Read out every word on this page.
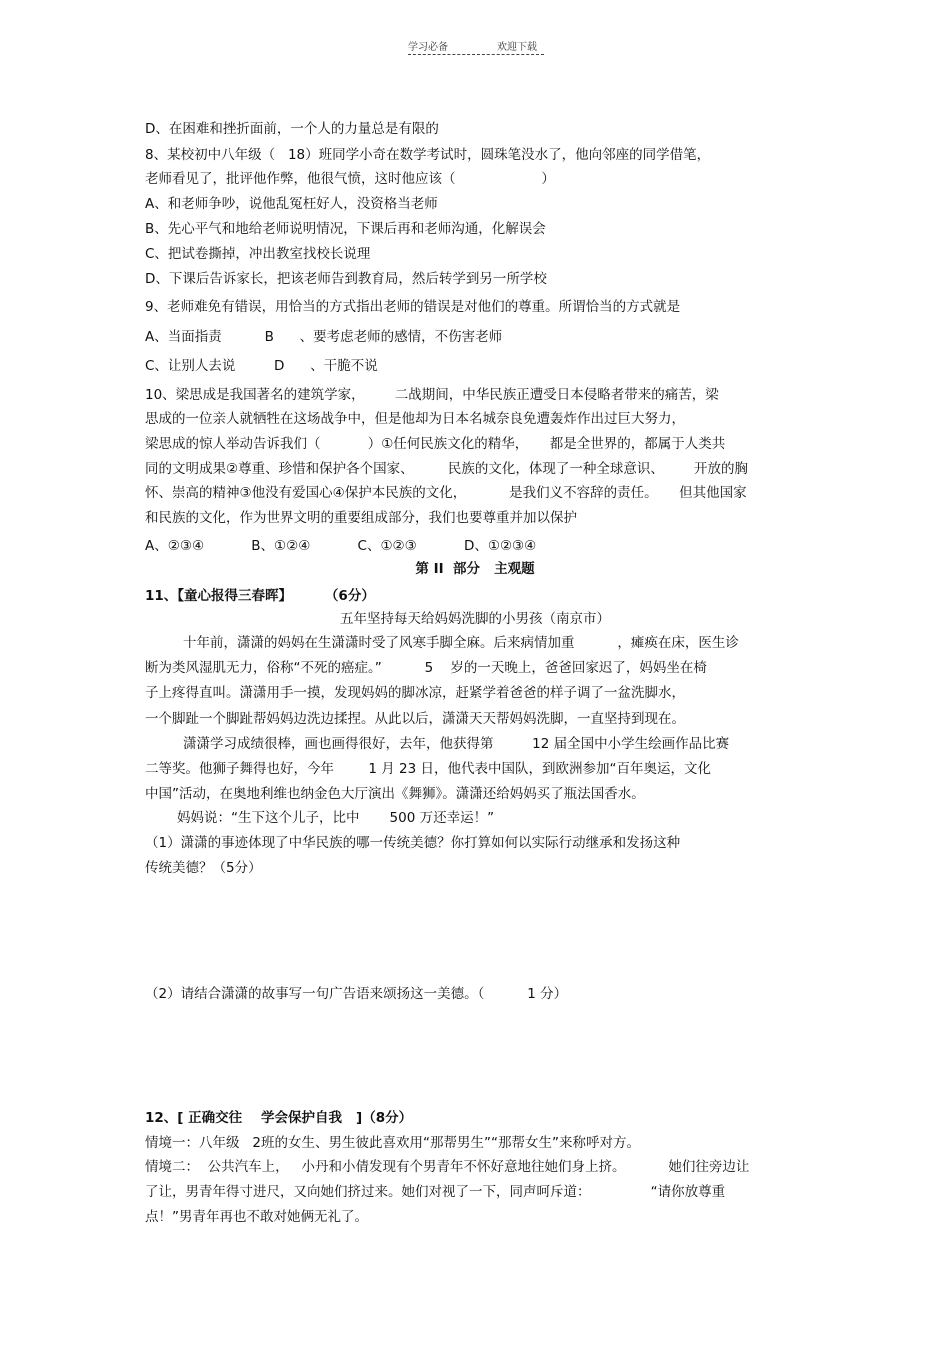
学习必备	欢迎下载
D、在困难和挫折面前，一个人的力量总是有限的
8、某校初中八年级（   18）班同学小奇在数学考试时，圆珠笔没水了，他向邻座的同学借笔，
老师看见了，批评他作弊，他很气愤，这时他应该（                    ）
A、和老师争吵，说他乱冤枉好人，没资格当老师
B、先心平气和地给老师说明情况，下课后再和老师沟通，化解误会
C、把试卷撕掉，冲出教室找校长说理
D、下课后告诉家长，把该老师告到教育局，然后转学到另一所学校
9、老师难免有错误，用恰当的方式指出老师的错误是对他们的尊重。所谓恰当的方式就是
A、当面指责          B      、要考虑老师的感情，不伤害老师
C、让别人去说         D      、干脆不说
10、梁思成是我国著名的建筑学家，       二战期间，中华民族正遭受日本侵略者带来的痛苦，梁
思成的一位亲人就牺牲在这场战争中，但是他却为日本名城奈良免遭轰炸作出过巨大努力，
梁思成的惊人举动告诉我们（           ）①任何民族文化的精华，     都是全世界的，都属于人类共
同的文明成果②尊重、珍惜和保护各个国家、        民族的文化，体现了一种全球意识、       开放的胸
怀、崇高的精神③他没有爱国心④保护本民族的文化，          是我们义不容辞的责任。     但其他国家
和民族的文化，作为世界文明的重要组成部分，我们也要尊重并加以保护
A、②③④           B、①②④           C、①②③           D、①②③④
11、【童心报得三春晖】       （6分）
十年前，潇潇的妈妈在生潇潇时受了风寒手脚全麻。后来病情加重          ，瘫痪在床，医生诊
断为类风湿肌无力，俗称“不死的癌症。”          5    岁的一天晚上，爸爸回家迟了，妈妈坐在椅
子上疼得直叫。潇潇用手一摸，发现妈妈的脚冰凉，赶紧学着爸爸的样子调了一盆洗脚水，
一个脚趾一个脚趾帮妈妈边洗边揉捏。从此以后，潇潇天天帮妈妈洗脚，一直坚持到现在。
潇潇学习成绩很棒，画也画得很好，去年，他获得第         12 届全国中小学生绘画作品比赛
二等奖。他狮子舞得也好，今年        1 月 23 日，他代表中国队，到欧洲参加“百年奥运，文化
中国”活动，在奥地利维也纳金色大厅演出《舞狮》。潇潇还给妈妈买了瓶法国香水。
妈妈说：“生下这个儿子，比中       500 万还幸运！”
（1）潇潇的事迹体现了中华民族的哪一传统美德？你打算如何以实际行动继承和发扬这种
传统美德？（5分）
（2）请结合潇潇的故事写一句广告语来颂扬这一美德。（          1 分）
12、[ 正确交往    学会保护自我   ]（8分）
情境一：八年级   2班的女生、男生彼此喜欢用“那帮男生”“那帮女生”来称呼对方。
情境二：  公共汽车上，   小丹和小倩发现有个男青年不怀好意地往她们身上挤。          她们往旁边让
了让，男青年得寸进尺，又向她们挤过来。她们对视了一下，同声呵斥道：              “请你放尊重
点！”男青年再也不敢对她俩无礼了。
第 II  部分   主观题
五年坚持每天给妈妈洗脚的小男孩（南京市）
